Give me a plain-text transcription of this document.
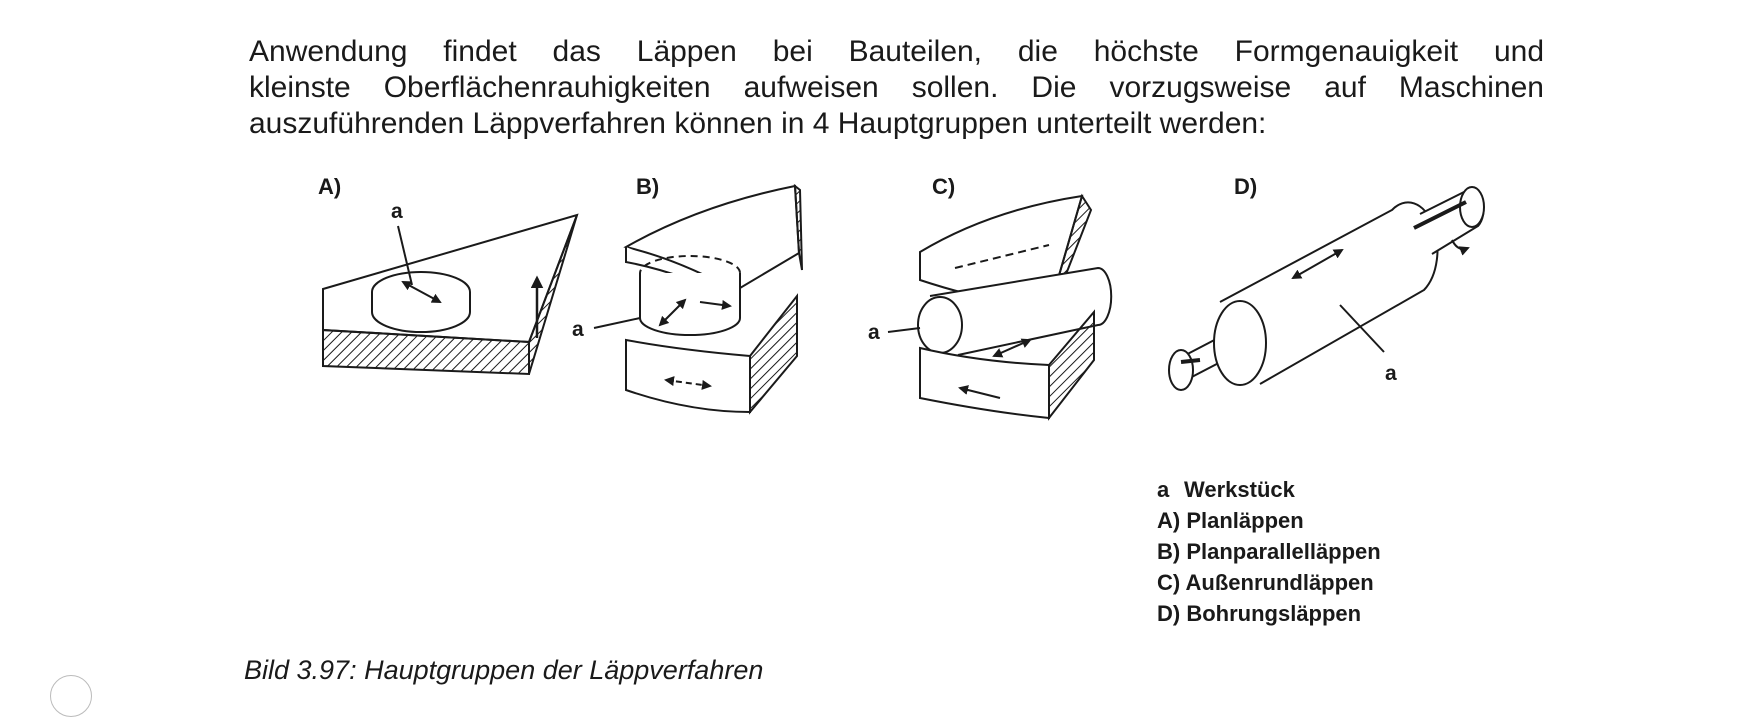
Anwendung findet das Läppen bei Bauteilen, die höchste Formgenauigkeit und
kleinste Oberflächenrauhigkeiten aufweisen sollen. Die vorzugsweise auf Maschinen
auszuführenden Läppverfahren können in 4 Hauptgruppen unterteilt werden:

A)	B)	C)	D)
a
a	a
a
a Werkstück
A) Planläppen
B) Planparallelläppen
C) Außenrundläppen
D) Bohrungsläppen
Bild 3.97: Hauptgruppen der Läppverfahren
